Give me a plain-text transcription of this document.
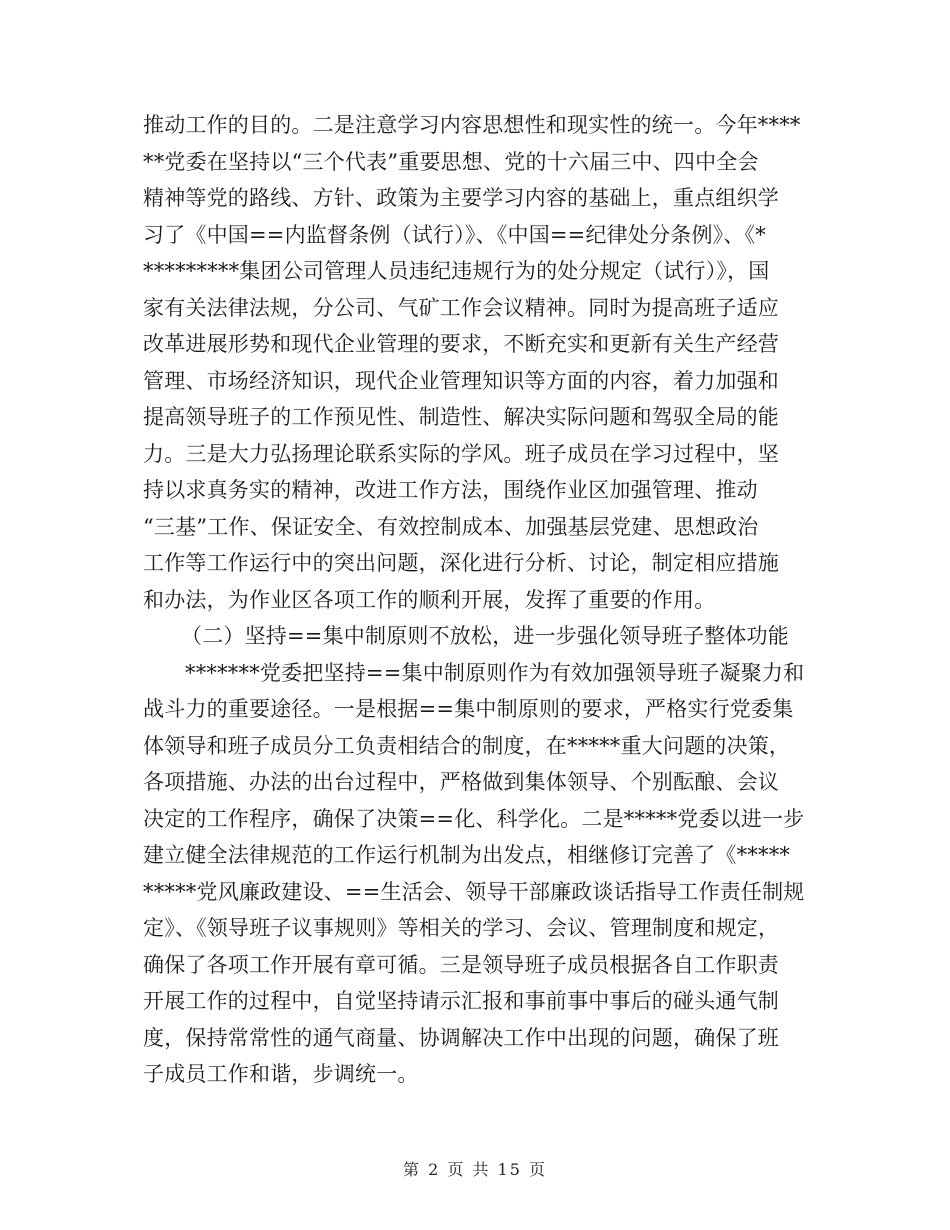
推动工作的目的。二是注意学习内容思想性和现实性的统一。今年****
**党委在坚持以“三个代表”重要思想、党的十六届三中、四中全会
精神等党的路线、方针、政策为主要学习内容的基础上，重点组织学
习了《中国==内监督条例（试行）》、《中国==纪律处分条例》、《*
*********集团公司管理人员违纪违规行为的处分规定（试行）》，国
家有关法律法规，分公司、气矿工作会议精神。同时为提高班子适应
改革进展形势和现代企业管理的要求，不断充实和更新有关生产经营
管理、市场经济知识，现代企业管理知识等方面的内容，着力加强和
提高领导班子的工作预见性、制造性、解决实际问题和驾驭全局的能
力。三是大力弘扬理论联系实际的学风。班子成员在学习过程中，坚
持以求真务实的精神，改进工作方法，围绕作业区加强管理、推动
“三基”工作、保证安全、有效控制成本、加强基层党建、思想政治
工作等工作运行中的突出问题，深化进行分析、讨论，制定相应措施
和办法，为作业区各项工作的顺利开展，发挥了重要的作用。
（二）坚持==集中制原则不放松，进一步强化领导班子整体功能
*******党委把坚持==集中制原则作为有效加强领导班子凝聚力和
战斗力的重要途径。一是根据==集中制原则的要求，严格实行党委集
体领导和班子成员分工负责相结合的制度，在*****重大问题的决策，
各项措施、办法的出台过程中，严格做到集体领导、个别酝酿、会议
决定的工作程序，确保了决策==化、科学化。二是*****党委以进一步
建立健全法律规范的工作运行机制为出发点，相继修订完善了《*****
*****党风廉政建设、==生活会、领导干部廉政谈话指导工作责任制规
定》、《领导班子议事规则》等相关的学习、会议、管理制度和规定，
确保了各项工作开展有章可循。三是领导班子成员根据各自工作职责
开展工作的过程中，自觉坚持请示汇报和事前事中事后的碰头通气制
度，保持常常性的通气商量、协调解决工作中出现的问题，确保了班
子成员工作和谐，步调统一。
第 2 页 共 15 页
